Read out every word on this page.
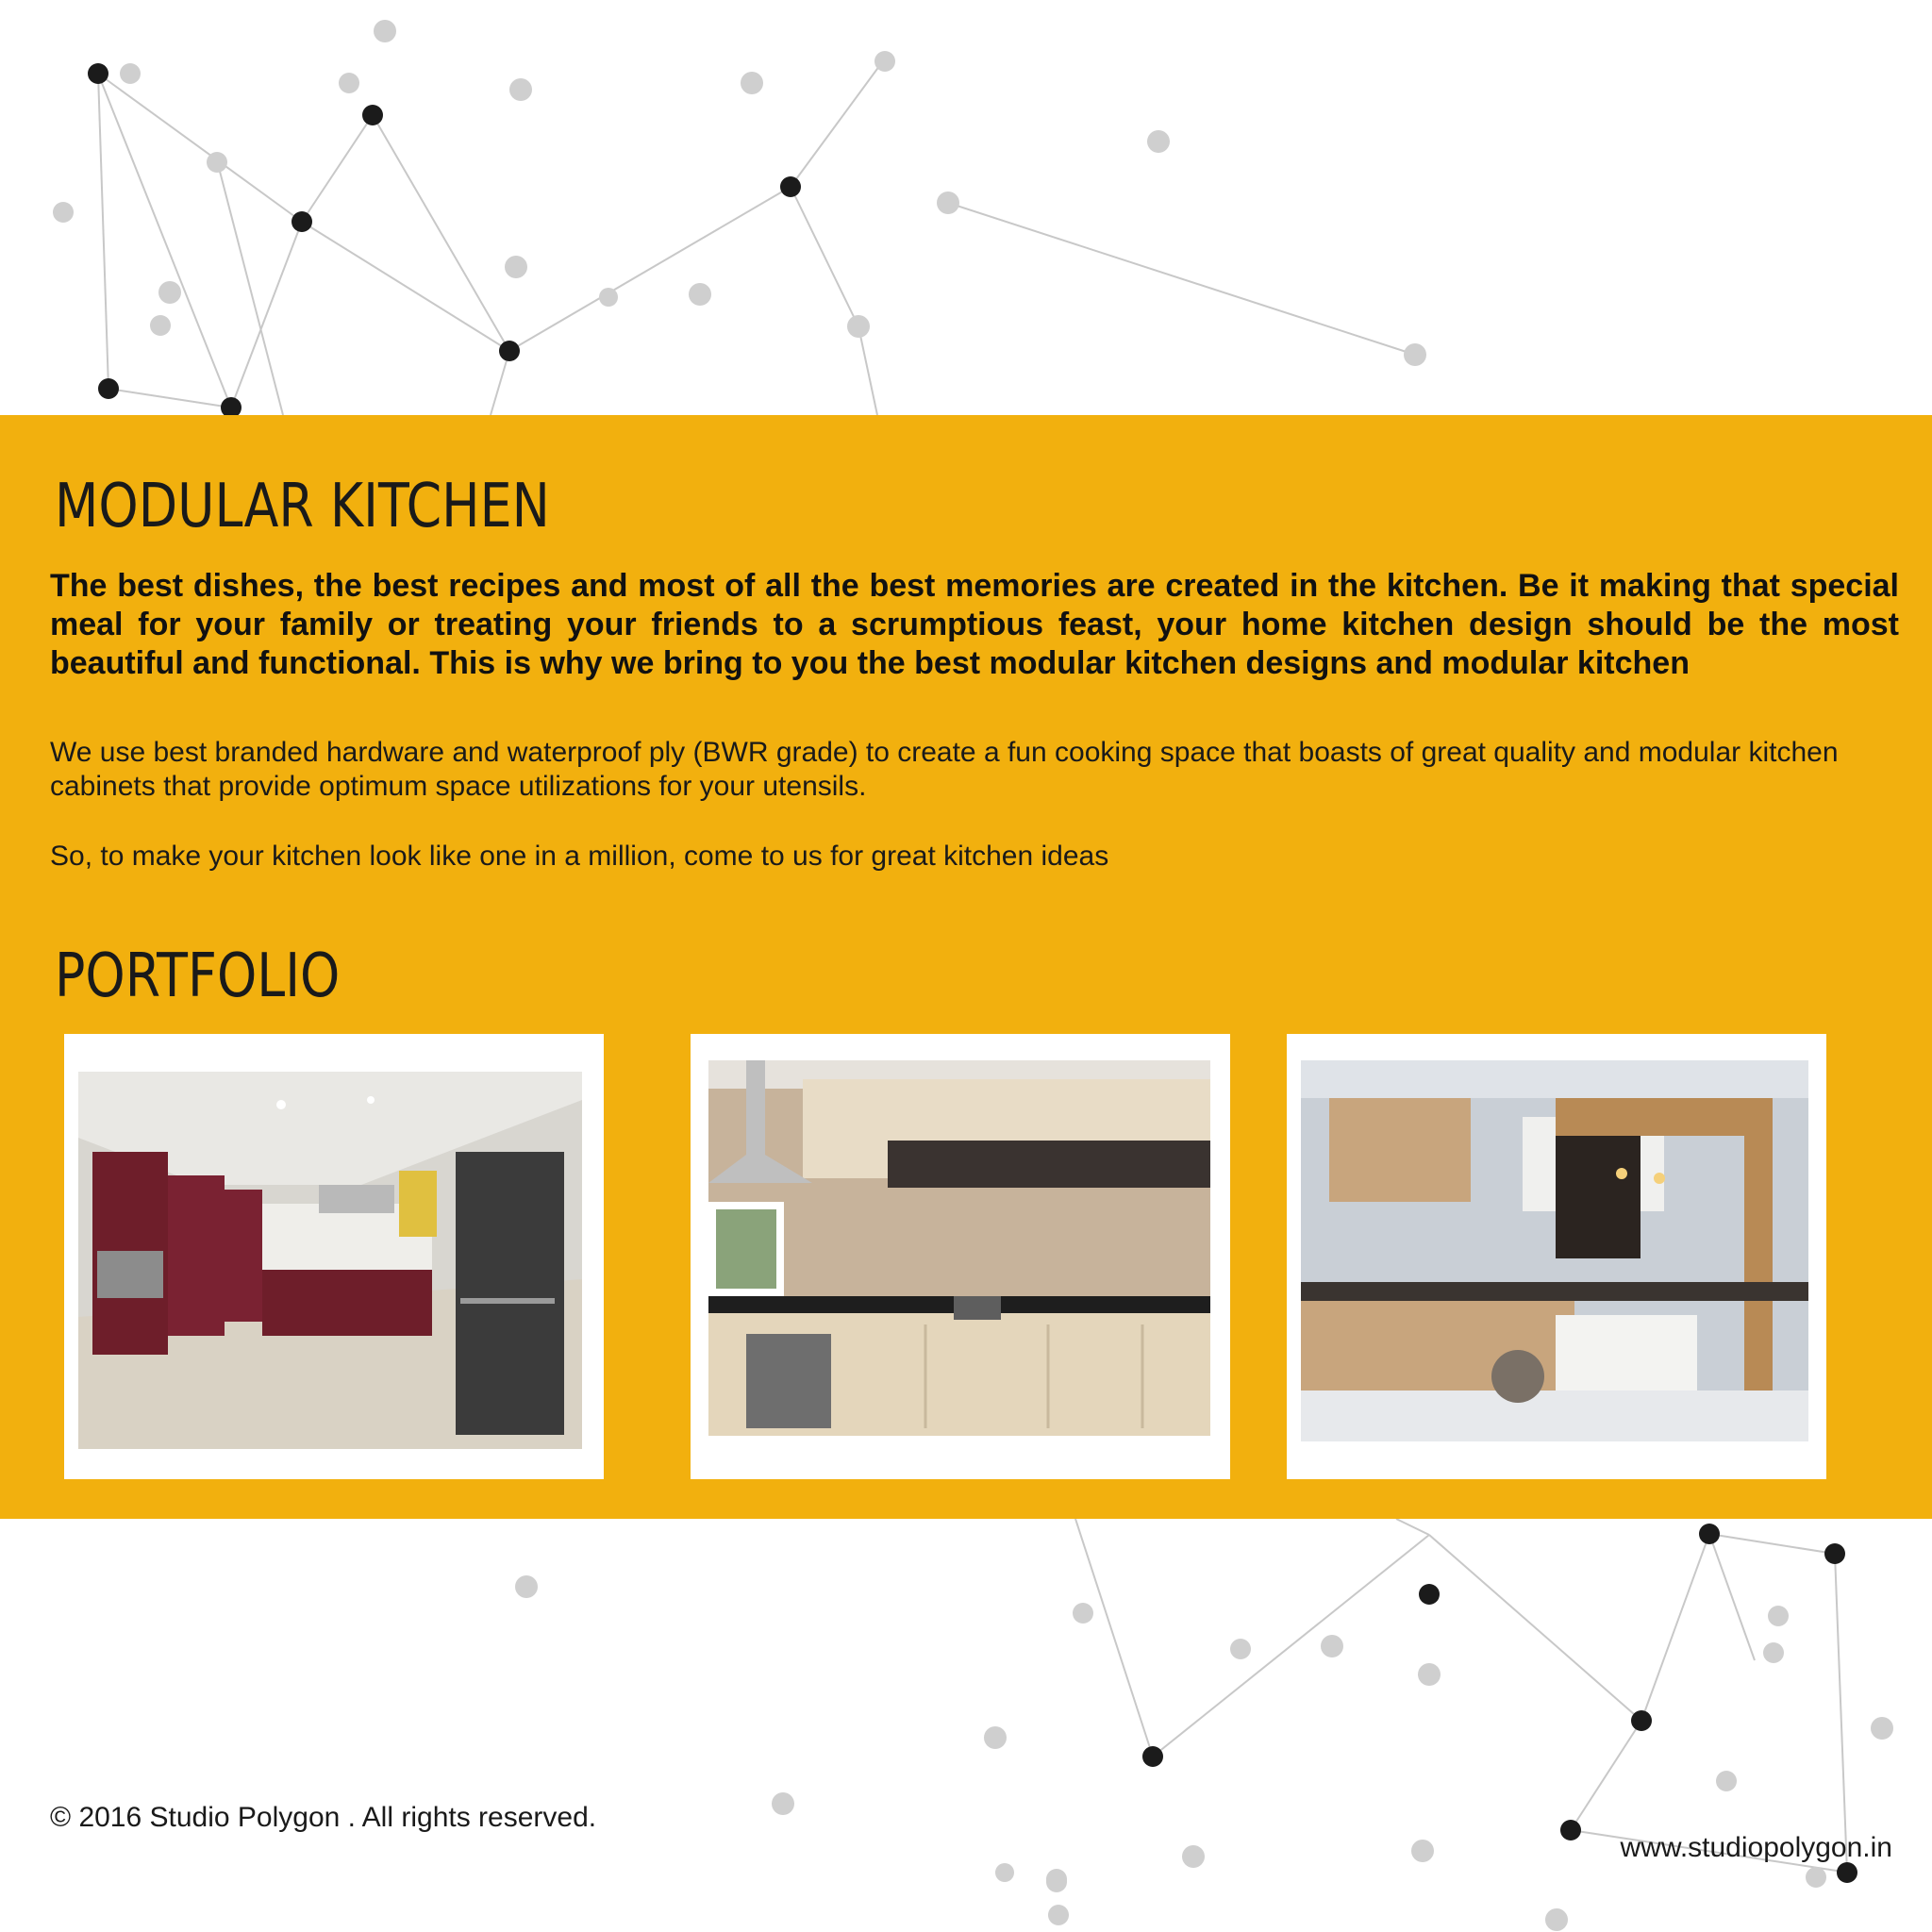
MODULAR KITCHEN

The best dishes, the best recipes and most of all the best memories are created in the kitchen. Be it making that special meal for your family or treating your friends to a scrumptious feast, your home kitchen design should be the most beautiful and functional. This is why we bring to you the best modular kitchen designs and modular kitchen

We use best branded hardware and waterproof ply (BWR grade) to create a fun cooking space that boasts of great quality and modular kitchen cabinets that provide optimum space utilizations for your utensils.

So, to make your kitchen look like one in a million, come to us for great kitchen ideas

PORTFOLIO

© 2016 Studio Polygon . All rights reserved.

www.studiopolygon.in
